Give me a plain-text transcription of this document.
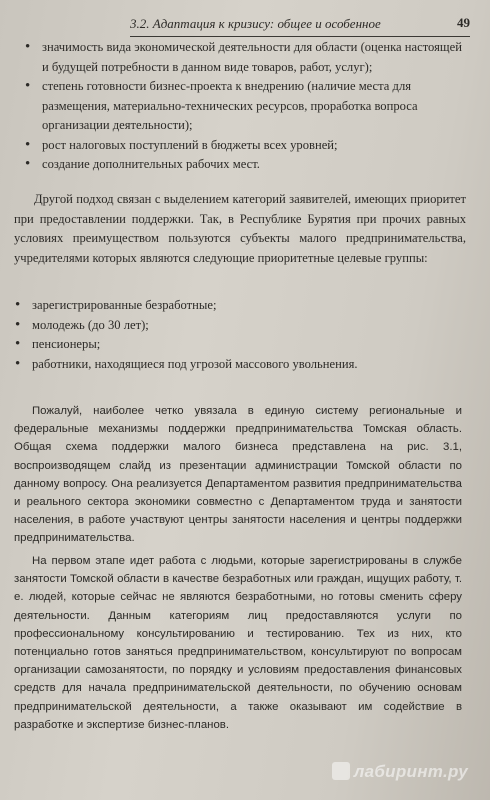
3.2. Адаптация к кризису: общее и особенное	49
• значимость вида экономической деятельности для области (оценка настоящей и будущей потребности в данном виде товаров, работ, услуг);
• степень готовности бизнес-проекта к внедрению (наличие места для размещения, материально-технических ресурсов, проработка вопроса организации деятельности);
• рост налоговых поступлений в бюджеты всех уровней;
• создание дополнительных рабочих мест.

Другой подход связан с выделением категорий заявителей, имеющих приоритет при предоставлении поддержки. Так, в Республике Бурятия при прочих равных условиях преимуществом пользуются субъекты малого предпринимательства, учредителями которых являются следующие приоритетные целевые группы:

• зарегистрированные безработные;
• молодежь (до 30 лет);
• пенсионеры;
• работники, находящиеся под угрозой массового увольнения.

Пожалуй, наиболее четко увязала в единую систему региональные и федеральные механизмы поддержки предпринимательства Томская область. Общая схема поддержки малого бизнеса представлена на рис. 3.1, воспроизводящем слайд из презентации администрации Томской области по данному вопросу. Она реализуется Департаментом развития предпринимательства и реального сектора экономики совместно с Департаментом труда и занятости населения, в работе участвуют центры занятости населения и центры поддержки предпринимательства.

На первом этапе идет работа с людьми, которые зарегистрированы в службе занятости Томской области в качестве безработных или граждан, ищущих работу, т. е. людей, которые сейчас не являются безработными, но готовы сменить сферу деятельности. Данным категориям лиц предоставляются услуги по профессиональному консультированию и тестированию. Тех из них, кто потенциально готов заняться предпринимательством, консультируют по вопросам организации самозанятости, по порядку и условиям предоставления финансовых средств для начала предпринимательской деятельности, по обучению основам предпринимательской деятельности, а также оказывают им содействие в разработке и экспертизе бизнес-планов.

лабиринт.ру
